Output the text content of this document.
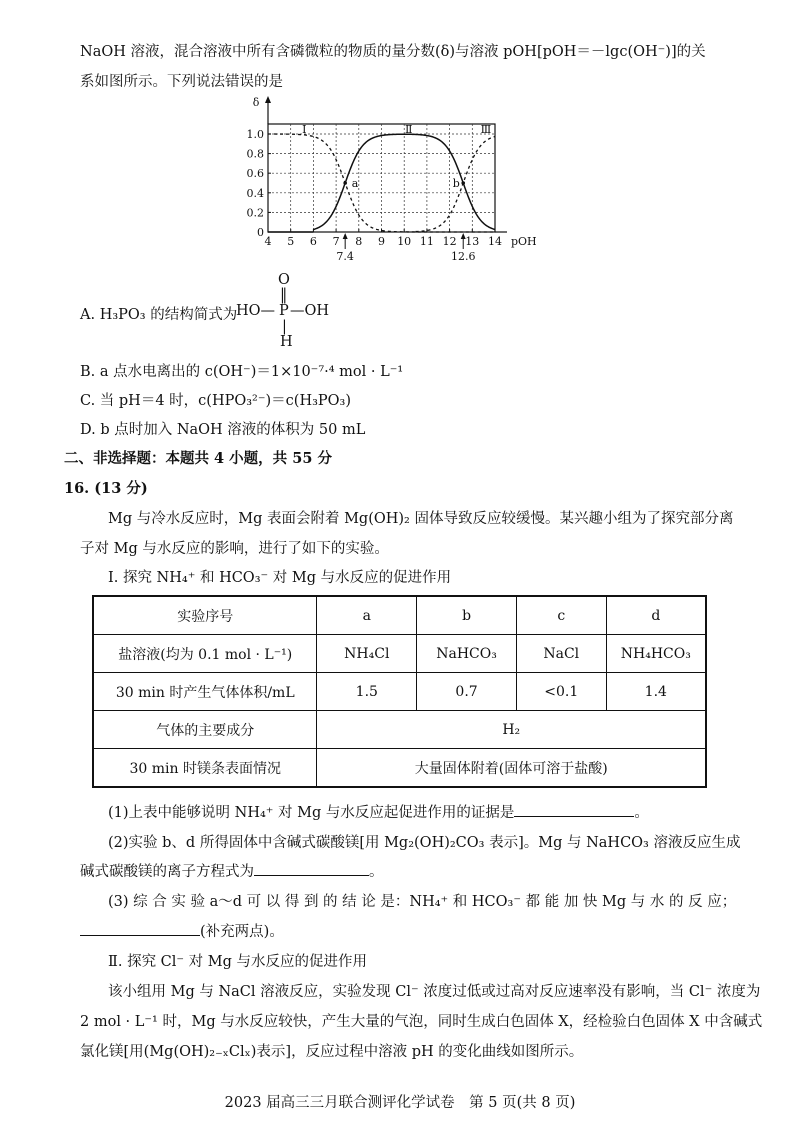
NaOH 溶液，混合溶液中所有含磷微粒的物质的量分数(δ)与溶液 pOH[pOH＝－lgc(OH⁻)]的关
系如图所示。下列说法错误的是
0
0.2
0.4
0.6
0.8
1.0
4 5 6 7 8 9 10 11 12 13 14
7.4	12.6
δ
pOH
Ⅰ	Ⅱ	Ⅲ
a	b
A. H₃PO₃ 的结构简式为
O
‖
HO— P —OH
|
H
B. a 点水电离出的 c(OH⁻)＝1×10⁻⁷·⁴ mol · L⁻¹
C. 当 pH＝4 时，c(HPO₃²⁻)＝c(H₃PO₃)
D. b 点时加入 NaOH 溶液的体积为 50 mL
二、非选择题：本题共 4 小题，共 55 分
16. (13 分)
Mg 与冷水反应时，Mg 表面会附着 Mg(OH)₂ 固体导致反应较缓慢。某兴趣小组为了探究部分离
子对 Mg 与水反应的影响，进行了如下的实验。
Ⅰ. 探究 NH₄⁺ 和 HCO₃⁻ 对 Mg 与水反应的促进作用
实验序号	a	b	c	d
盐溶液(均为 0.1 mol · L⁻¹)	NH₄Cl	NaHCO₃	NaCl	NH₄HCO₃
30 min 时产生气体体积/mL	1.5	0.7	<0.1	1.4
气体的主要成分	H₂			
30 min 时镁条表面情况	大量固体附着(固体可溶于盐酸)			
(1)上表中能够说明 NH₄⁺ 对 Mg 与水反应起促进作用的证据是	。
(2)实验 b、d 所得固体中含碱式碳酸镁[用 Mg₂(OH)₂CO₃ 表示]。Mg 与 NaHCO₃ 溶液反应生成
碱式碳酸镁的离子方程式为	。
(3) 综 合 实 验 a～d 可 以 得 到 的 结 论 是：NH₄⁺ 和 HCO₃⁻ 都 能 加 快 Mg 与 水 的 反 应；
(补充两点)。
Ⅱ. 探究 Cl⁻ 对 Mg 与水反应的促进作用
该小组用 Mg 与 NaCl 溶液反应，实验发现 Cl⁻ 浓度过低或过高对反应速率没有影响，当 Cl⁻ 浓度为
2 mol · L⁻¹ 时，Mg 与水反应较快，产生大量的气泡，同时生成白色固体 X，经检验白色固体 X 中含碱式
氯化镁[用(Mg(OH)₂₋ₓClₓ)表示]，反应过程中溶液 pH 的变化曲线如图所示。
2023 届高三三月联合测评化学试卷　第 5 页(共 8 页)
